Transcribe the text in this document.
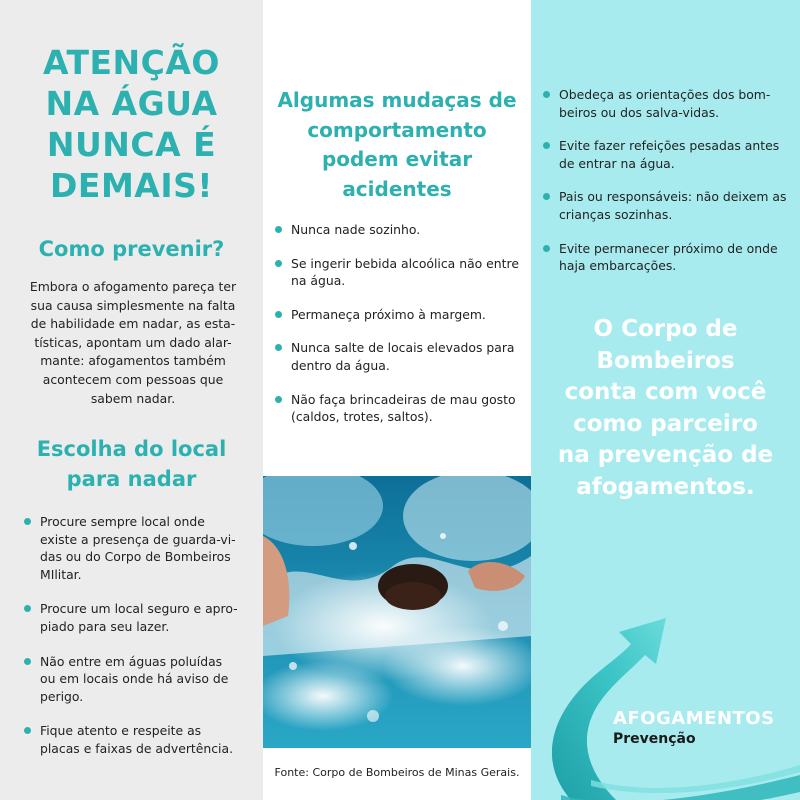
ATENÇÃO
NA ÁGUA
NUNCA É
DEMAIS!
Como prevenir?

Embora o afogamento pareça ter
sua causa simplesmente na falta
de habilidade em nadar, as esta-
tísticas, apontam um dado alar-
mante: afogamentos também
acontecem com pessoas que
sabem nadar.

Escolha do local
para nadar
Procure sempre local onde
existe a presença de guarda-vi-
das ou do Corpo de Bombeiros
MIlitar.
Procure um local seguro e apro-
piado para seu lazer.
Não entre em águas poluídas
ou em locais onde há aviso de
perigo.
Fique atento e respeite as
placas e faixas de advertência.
Algumas mudaças de
comportamento
podem evitar
acidentes
Nunca nade sozinho.
Se ingerir bebida alcoólica não entre
na água.
Permaneça próximo à margem.
Nunca salte de locais elevados para
dentro da água.
Não faça brincadeiras de mau gosto
(caldos, trotes, saltos).

Fonte: Corpo de Bombeiros de Minas Gerais.

Obedeça as orientações dos bom-
beiros ou dos salva-vidas.
Evite fazer refeições pesadas antes
de entrar na água.
Pais ou responsáveis: não deixem as
crianças sozinhas.
Evite permanecer próximo de onde
haja embarcações.
O Corpo de
Bombeiros
conta com você
como parceiro
na prevenção de
afogamentos.
AFOGAMENTOS
Prevenção
